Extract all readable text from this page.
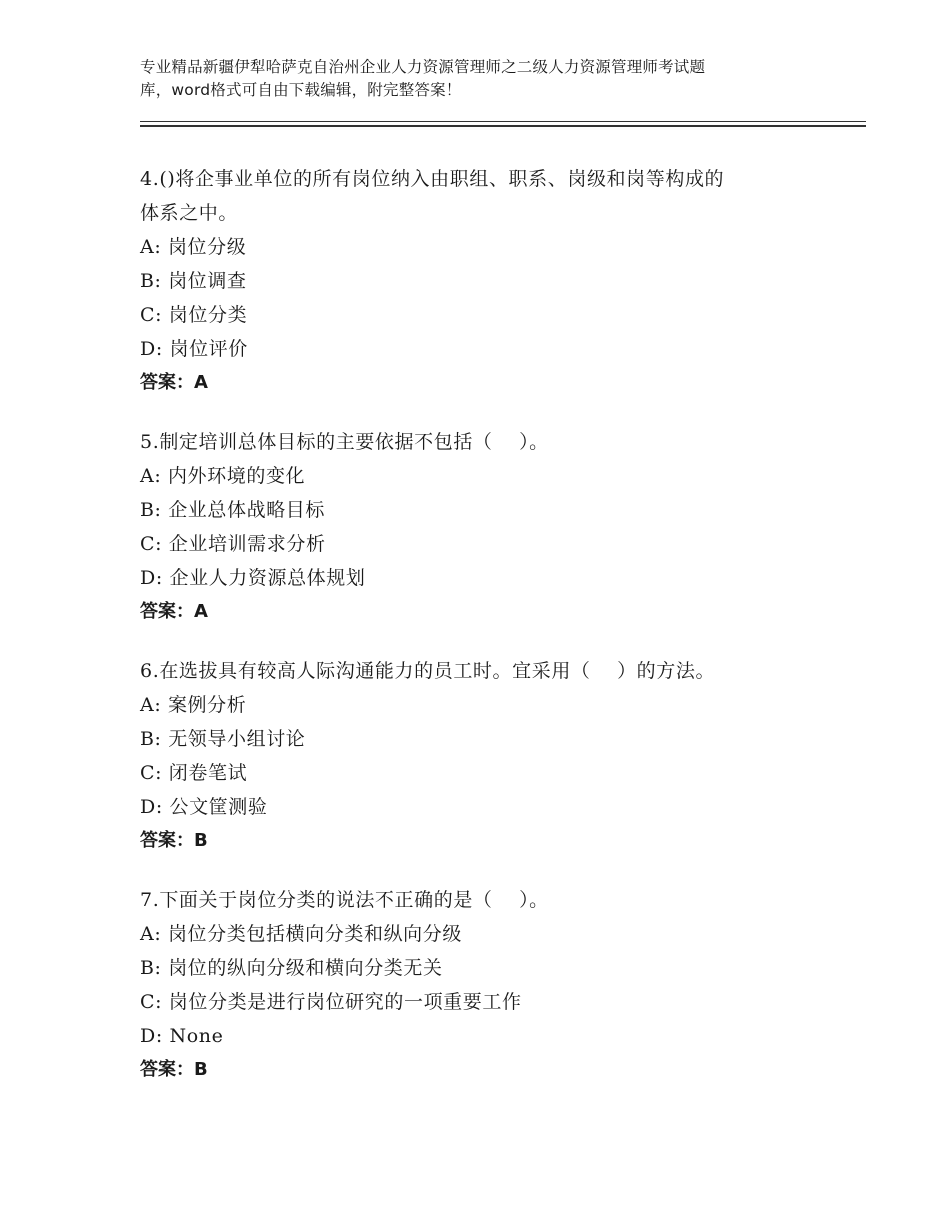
专业精品新疆伊犁哈萨克自治州企业人力资源管理师之二级人力资源管理师考试题
库，word格式可自由下载编辑，附完整答案！
4.()将企事业单位的所有岗位纳入由职组、职系、岗级和岗等构成的
体系之中。
A: 岗位分级
B: 岗位调查
C: 岗位分类
D: 岗位评价
答案：A
5.制定培训总体目标的主要依据不包括（    ）。
A: 内外环境的变化
B: 企业总体战略目标
C: 企业培训需求分析
D: 企业人力资源总体规划
答案：A
6.在选拔具有较高人际沟通能力的员工时。宜采用（    ）的方法。
A: 案例分析
B: 无领导小组讨论
C: 闭卷笔试
D: 公文筐测验
答案：B
7.下面关于岗位分类的说法不正确的是（    ）。
A: 岗位分类包括横向分类和纵向分级
B: 岗位的纵向分级和横向分类无关
C: 岗位分类是进行岗位研究的一项重要工作
D: None
答案：B
